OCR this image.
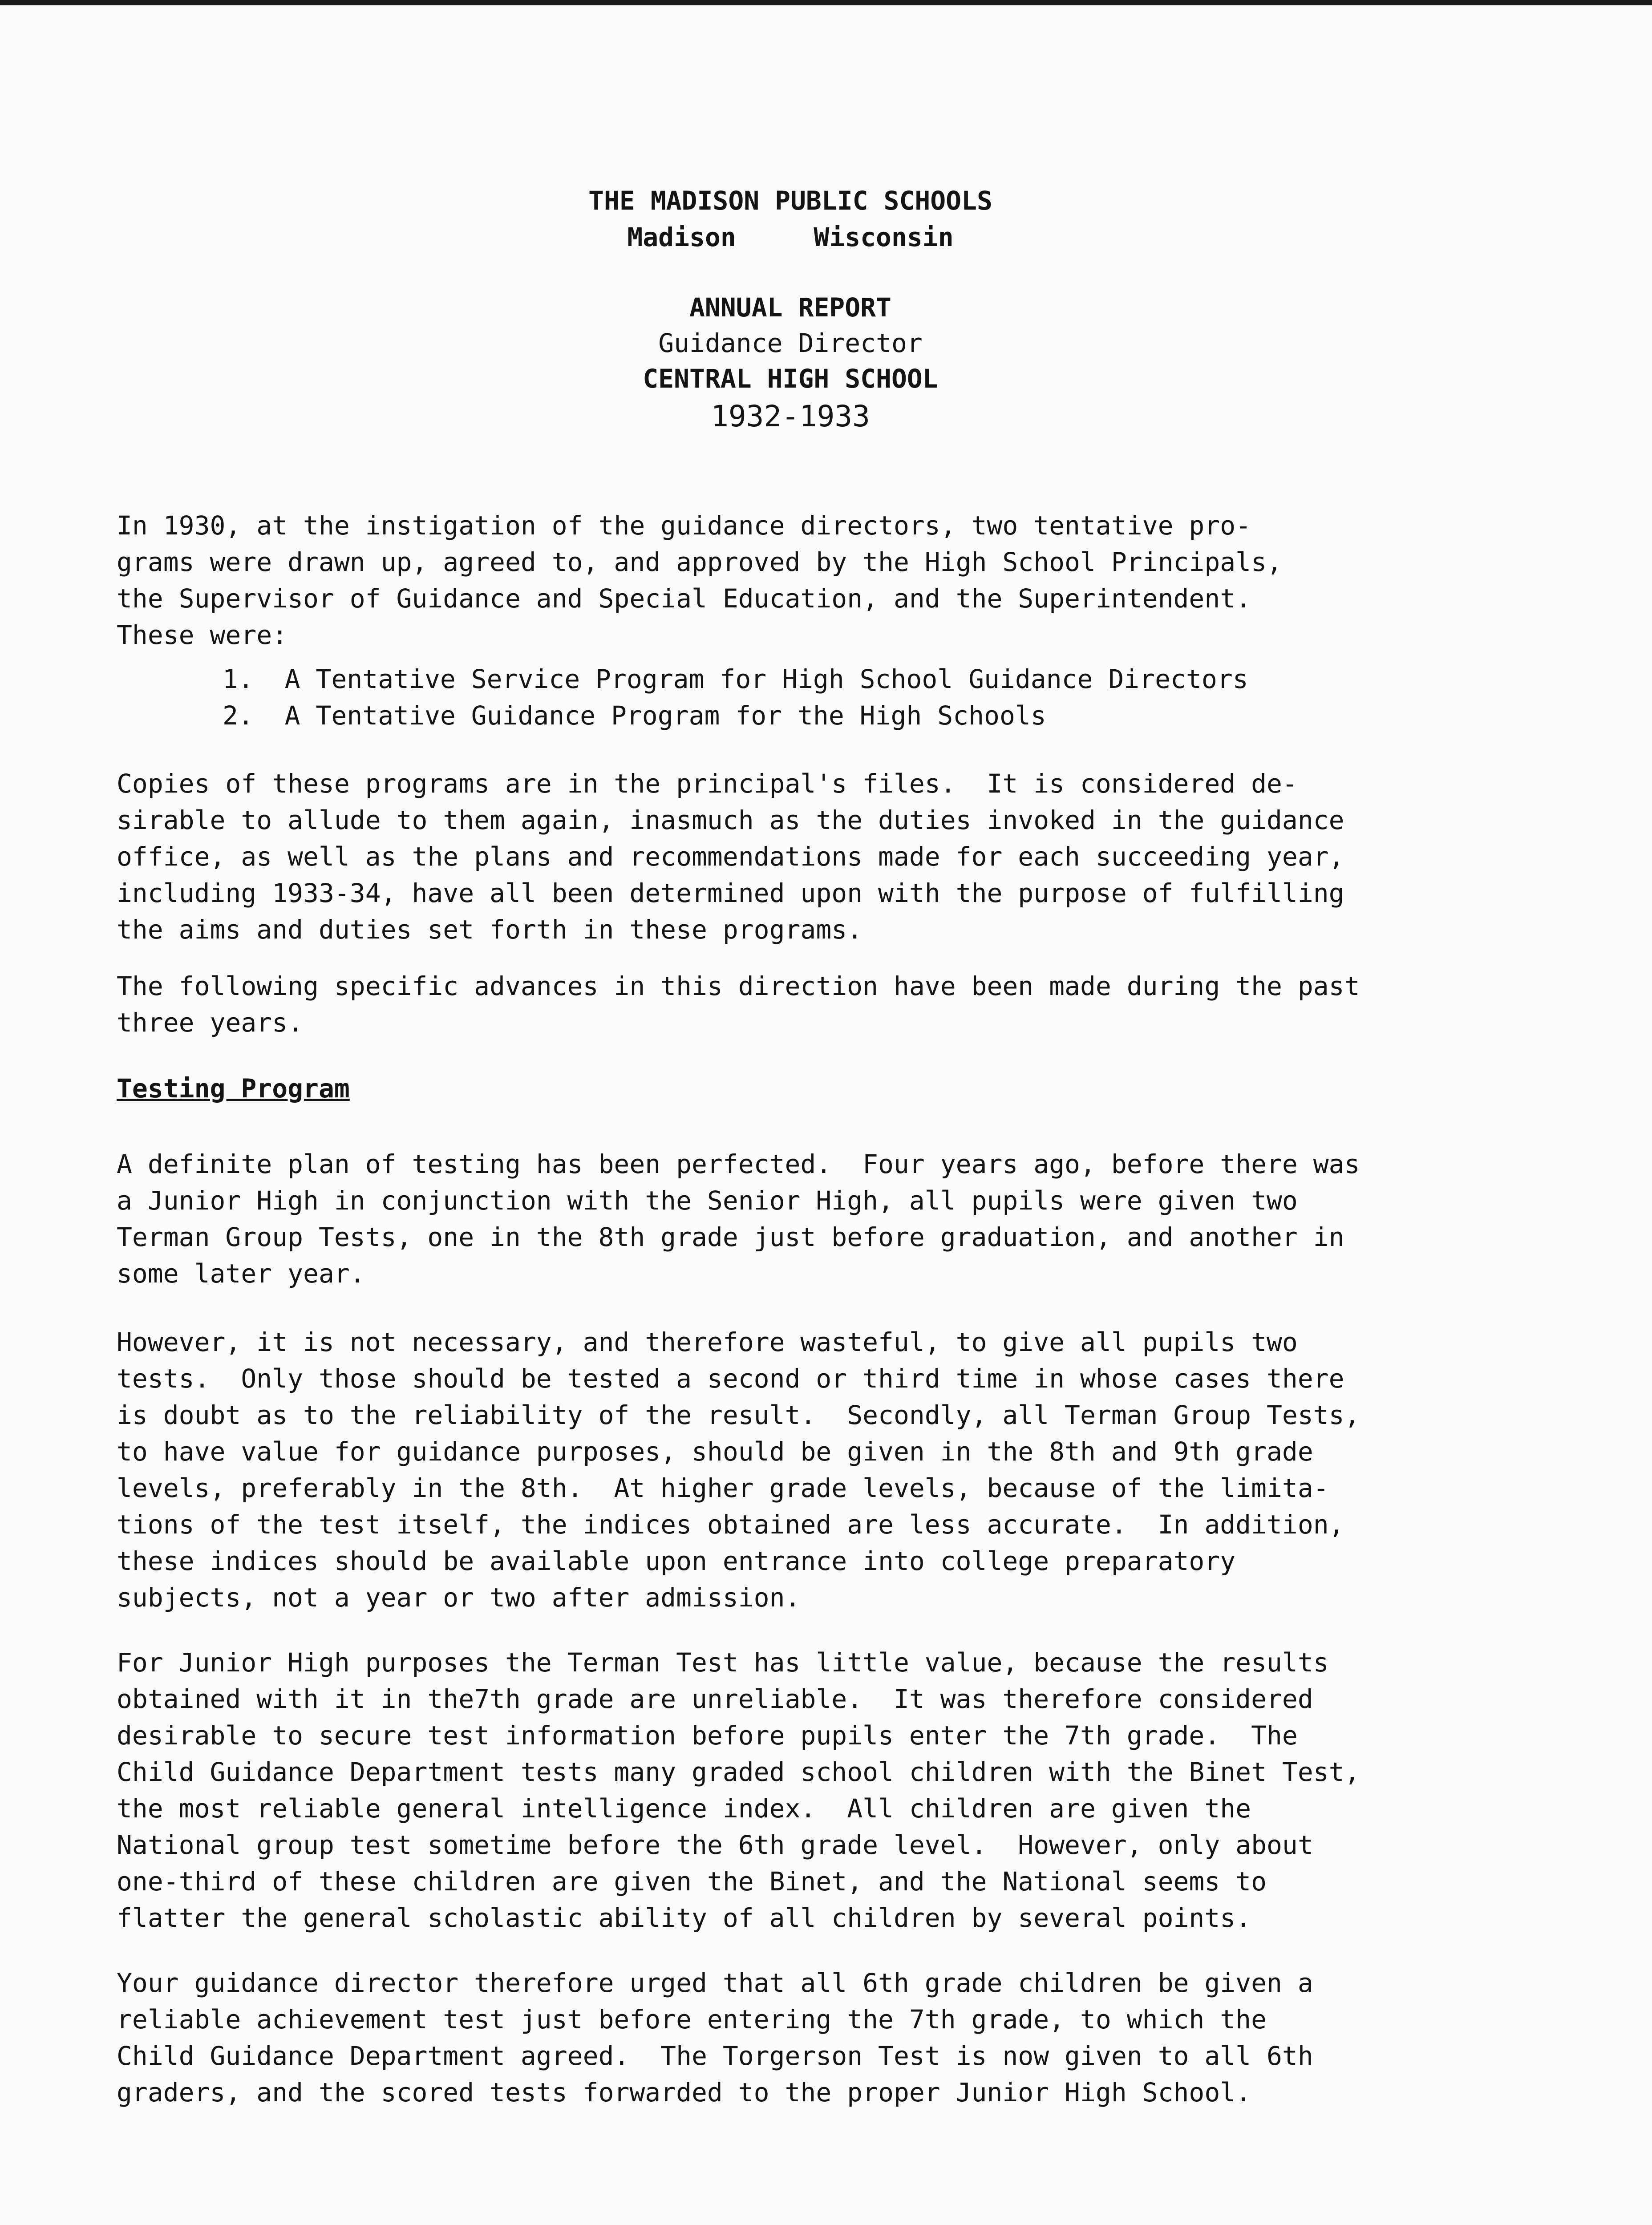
THE MADISON PUBLIC SCHOOLS
Madison     Wisconsin
ANNUAL REPORT
Guidance Director
CENTRAL HIGH SCHOOL
1932-1933
In 1930, at the instigation of the guidance directors, two tentative pro-
grams were drawn up, agreed to, and approved by the High School Principals,
the Supervisor of Guidance and Special Education, and the Superintendent.
These were:
1.  A Tentative Service Program for High School Guidance Directors
2.  A Tentative Guidance Program for the High Schools
Copies of these programs are in the principal's files.  It is considered de-
sirable to allude to them again, inasmuch as the duties invoked in the guidance
office, as well as the plans and recommendations made for each succeeding year,
including 1933-34, have all been determined upon with the purpose of fulfilling
the aims and duties set forth in these programs.
The following specific advances in this direction have been made during the past
three years.
Testing Program
A definite plan of testing has been perfected.  Four years ago, before there was
a Junior High in conjunction with the Senior High, all pupils were given two
Terman Group Tests, one in the 8th grade just before graduation, and another in
some later year.
However, it is not necessary, and therefore wasteful, to give all pupils two
tests.  Only those should be tested a second or third time in whose cases there
is doubt as to the reliability of the result.  Secondly, all Terman Group Tests,
to have value for guidance purposes, should be given in the 8th and 9th grade
levels, preferably in the 8th.  At higher grade levels, because of the limita-
tions of the test itself, the indices obtained are less accurate.  In addition,
these indices should be available upon entrance into college preparatory
subjects, not a year or two after admission.
For Junior High purposes the Terman Test has little value, because the results
obtained with it in the7th grade are unreliable.  It was therefore considered
desirable to secure test information before pupils enter the 7th grade.  The
Child Guidance Department tests many graded school children with the Binet Test,
the most reliable general intelligence index.  All children are given the
National group test sometime before the 6th grade level.  However, only about
one-third of these children are given the Binet, and the National seems to
flatter the general scholastic ability of all children by several points.
Your guidance director therefore urged that all 6th grade children be given a
reliable achievement test just before entering the 7th grade, to which the
Child Guidance Department agreed.  The Torgerson Test is now given to all 6th
graders, and the scored tests forwarded to the proper Junior High School.
